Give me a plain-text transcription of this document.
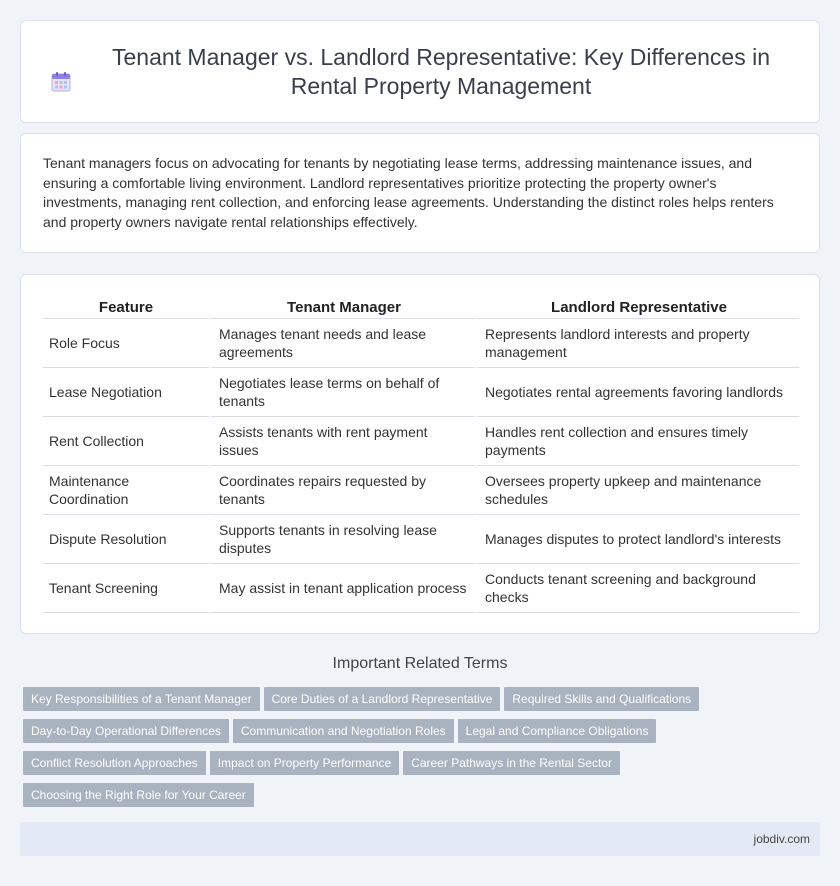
Tenant Manager vs. Landlord Representative: Key Differences in Rental Property Management

Tenant managers focus on advocating for tenants by negotiating lease terms, addressing maintenance issues, and ensuring a comfortable living environment. Landlord representatives prioritize protecting the property owner's investments, managing rent collection, and enforcing lease agreements. Understanding the distinct roles helps renters and property owners navigate rental relationships effectively.

Feature	Tenant Manager	Landlord Representative
Role Focus	Manages tenant needs and lease agreements	Represents landlord interests and property management
Lease Negotiation	Negotiates lease terms on behalf of tenants	Negotiates rental agreements favoring landlords
Rent Collection	Assists tenants with rent payment issues	Handles rent collection and ensures timely payments
Maintenance Coordination	Coordinates repairs requested by tenants	Oversees property upkeep and maintenance schedules
Dispute Resolution	Supports tenants in resolving lease disputes	Manages disputes to protect landlord's interests
Tenant Screening	May assist in tenant application process	Conducts tenant screening and background checks
Important Related Terms
Key Responsibilities of a Tenant Manager Core Duties of a Landlord Representative Required Skills and Qualifications
Day-to-Day Operational Differences Communication and Negotiation Roles Legal and Compliance Obligations
Conflict Resolution Approaches Impact on Property Performance Career Pathways in the Rental Sector
Choosing the Right Role for Your Career
jobdiv.com
